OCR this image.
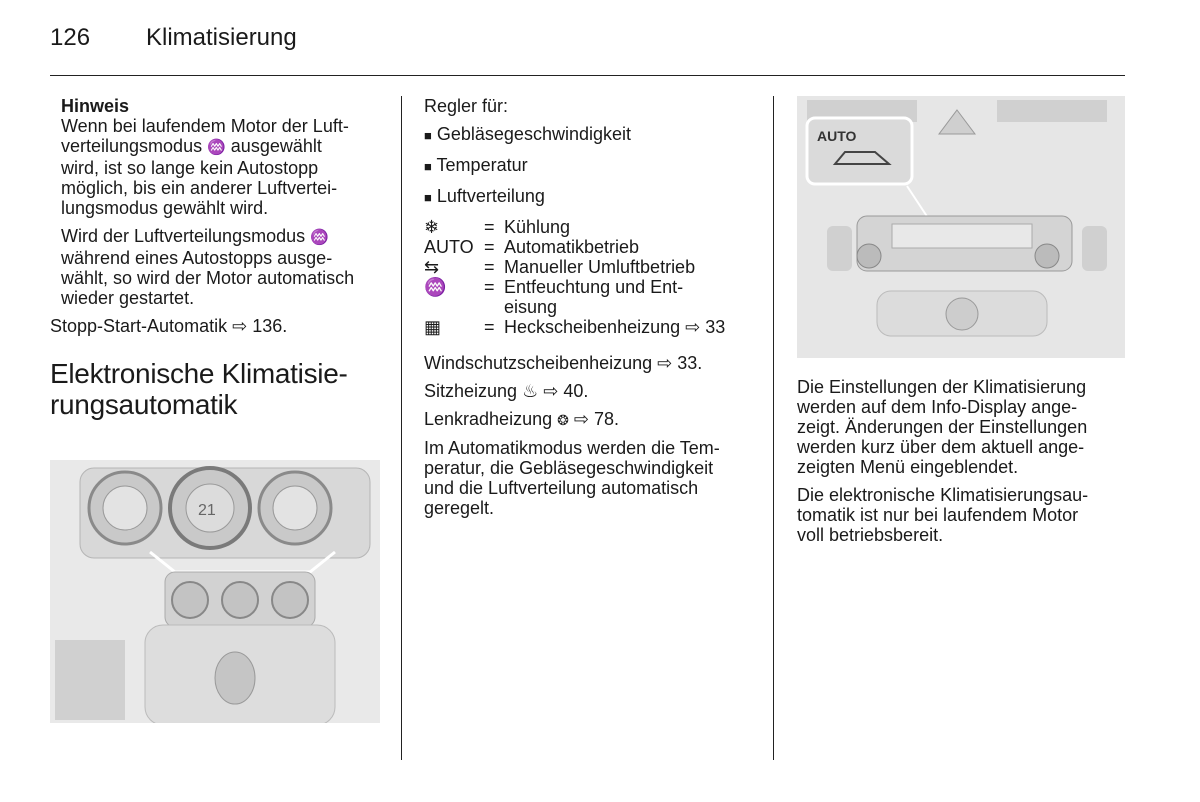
126 Klimatisierung

Hinweis

Wenn bei laufendem Motor der Luft-

verteilungsmodus ♒ ausgewählt

wird, ist so lange kein Autostopp

möglich, bis ein anderer Luftvertei-

lungsmodus gewählt wird.

Wird der Luftverteilungsmodus ♒

während eines Autostopps ausge-

wählt, so wird der Motor automatisch

wieder gestartet.

Stopp-Start-Automatik ⇨ 136.

Elektronische Klimatisie-
rungsautomatik
21

Regler für:

■ Gebläsegeschwindigkeit
■ Temperatur
■ Luftverteilung
❄	= Kühlung
AUTO = Automatikbetrieb
⇆	= Manueller Umluftbetrieb
♒	= Entfeuchtung und Ent-
eisung
▦	= Heckscheibenheizung ⇨ 33

Windschutzscheibenheizung ⇨ 33.

Sitzheizung ♨ ⇨ 40.

Lenkradheizung ❂ ⇨ 78.

Im Automatikmodus werden die Tem-

peratur, die Gebläsegeschwindigkeit

und die Luftverteilung automatisch

geregelt.

AUTO

Die Einstellungen der Klimatisierung

werden auf dem Info-Display ange-

zeigt. Änderungen der Einstellungen

werden kurz über dem aktuell ange-

zeigten Menü eingeblendet.

Die elektronische Klimatisierungsau-

tomatik ist nur bei laufendem Motor

voll betriebsbereit.
